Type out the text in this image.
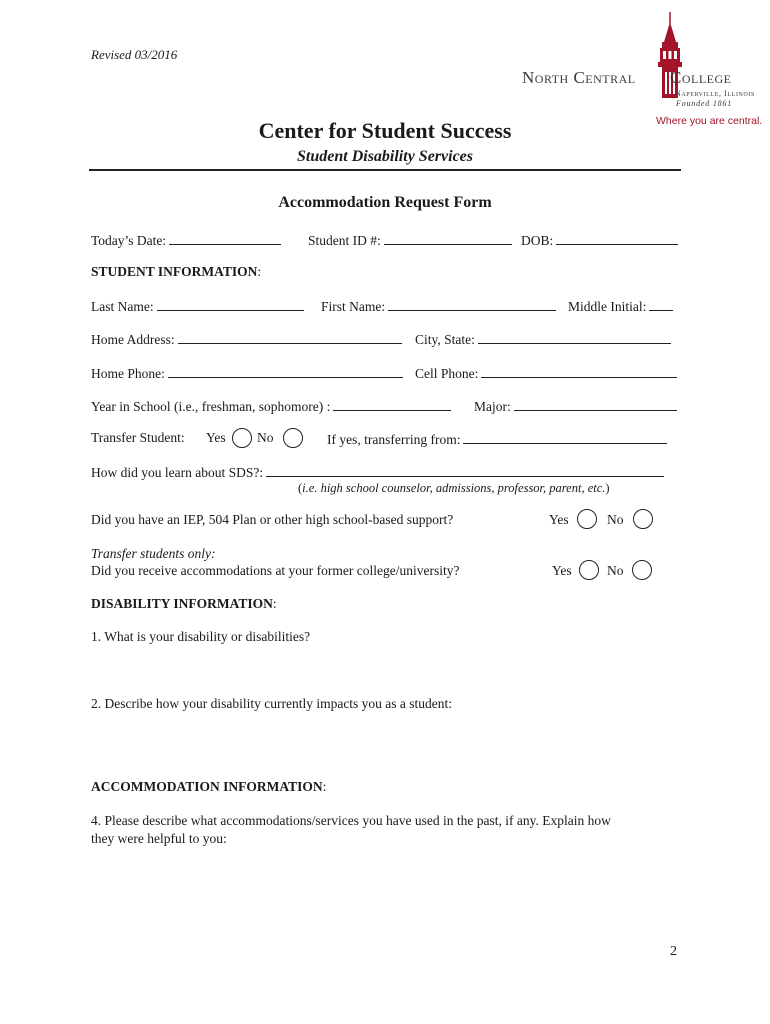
Revised 03/2016
North Central College
Naperville, Illinois
Founded 1861
Where you are central.
Center for Student Success
Student Disability Services
Accommodation Request Form
Today’s Date:	Student ID #:	DOB:
STUDENT INFORMATION:
Last Name:	First Name:	Middle Initial:
Home Address:	City, State:
Home Phone:	Cell Phone:
Year in School (i.e., freshman, sophomore) :	Major:
Transfer Student: Yes No	If yes, transferring from:
How did you learn about SDS?:
(i.e. high school counselor, admissions, professor, parent, etc.)
Did you have an IEP, 504 Plan or other high school-based support?	Yes	No
Transfer students only:
Did you receive accommodations at your former college/university?	Yes	No
DISABILITY INFORMATION:
1. What is your disability or disabilities?
2. Describe how your disability currently impacts you as a student:
ACCOMMODATION INFORMATION:
4. Please describe what accommodations/services you have used in the past, if any. Explain how
they were helpful to you:
2
